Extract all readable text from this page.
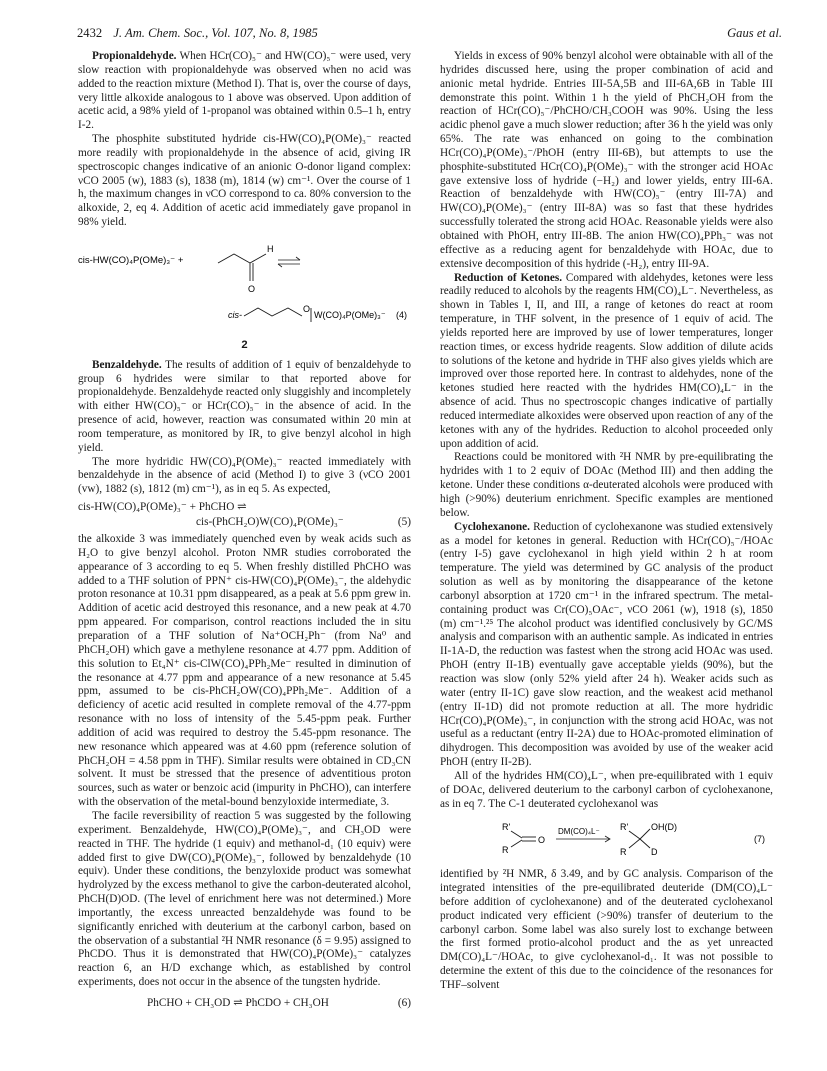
2432 J. Am. Chem. Soc., Vol. 107, No. 8, 1985	Gaus et al.

Propionaldehyde. When HCr(CO)₅⁻ and HW(CO)₅⁻ were used, very slow reaction with propionaldehyde was observed when no acid was added to the reaction mixture (Method I). That is, over the course of days, very little alkoxide analogous to 1 above was observed. Upon addition of acetic acid, a 98% yield of 1-propanol was obtained within 0.5–1 h, entry I-2.

The phosphite substituted hydride cis-HW(CO)₄P(OMe)₃⁻ reacted more readily with propionaldehyde in the absence of acid, giving IR spectroscopic changes indicative of an anionic O-donor ligand complex: νCO 2005 (w), 1883 (s), 1838 (m), 1814 (w) cm⁻¹. Over the course of 1 h, the maximum changes in νCO correspond to ca. 80% conversion to the alkoxide, 2, eq 4. Addition of acetic acid immediately gave propanol in 98% yield.

cis-HW(CO)₄P(OMe)₃⁻ +
H
O
cis-
O
W(CO)₄P(OMe)₃⁻ (4)
2

Benzaldehyde. The results of addition of 1 equiv of benzaldehyde to group 6 hydrides were similar to that reported above for propionaldehyde. Benzaldehyde reacted only sluggishly and incompletely with either HW(CO)₅⁻ or HCr(CO)₅⁻ in the absence of acid. In the presence of acid, however, reaction was consumated within 20 min at room temperature, as monitored by IR, to give benzyl alcohol in high yield.

The more hydridic HW(CO)₄P(OMe)₃⁻ reacted immediately with benzaldehyde in the absence of acid (Method I) to give 3 (νCO 2001 (vw), 1882 (s), 1812 (m) cm⁻¹), as in eq 5. As expected,

cis-HW(CO)₄P(OMe)₃⁻ + PhCHO ⇌
cis-(PhCH₂O)W(CO)₄P(OMe)₃⁻	(5)

the alkoxide 3 was immediately quenched even by weak acids such as H₂O to give benzyl alcohol. Proton NMR studies corroborated the appearance of 3 according to eq 5. When freshly distilled PhCHO was added to a THF solution of PPN⁺ cis-HW(CO)₄P(OMe)₃⁻, the aldehydic proton resonance at 10.31 ppm disappeared, as a peak at 5.6 ppm grew in. Addition of acetic acid destroyed this resonance, and a new peak at 4.70 ppm appeared. For comparison, control reactions included the in situ preparation of a THF solution of Na⁺OCH₂Ph⁻ (from Na⁰ and PhCH₂OH) which gave a methylene resonance at 4.77 ppm. Addition of this solution to Et₄N⁺ cis-ClW(CO)₄PPh₂Me⁻ resulted in diminution of the resonance at 4.77 ppm and appearance of a new resonance at 5.45 ppm, assumed to be cis-PhCH₂OW(CO)₄PPh₂Me⁻. Addition of a deficiency of acetic acid resulted in complete removal of the 4.77-ppm resonance with no loss of intensity of the 5.45-ppm peak. Further addition of acid was required to destroy the 5.45-ppm resonance. The new resonance which appeared was at 4.60 ppm (reference solution of PhCH₂OH = 4.58 ppm in THF). Similar results were obtained in CD₃CN solvent. It must be stressed that the presence of adventitious proton sources, such as water or benzoic acid (impurity in PhCHO), can interfere with the observation of the metal-bound benzyloxide intermediate, 3.

The facile reversibility of reaction 5 was suggested by the following experiment. Benzaldehyde, HW(CO)₄P(OMe)₃⁻, and CH₃OD were reacted in THF. The hydride (1 equiv) and methanol-d₁ (10 equiv) were added first to give DW(CO)₄P(OMe)₃⁻, followed by benzaldehyde (10 equiv). Under these conditions, the benzyloxide product was somewhat hydrolyzed by the excess methanol to give the carbon-deuterated alcohol, PhCH(D)OD. (The level of enrichment here was not determined.) More importantly, the excess unreacted benzaldehyde was found to be significantly enriched with deuterium at the carbonyl carbon, based on the observation of a substantial ²H NMR resonance (δ = 9.95) assigned to PhCDO. Thus it is demonstrated that HW(CO)₄P(OMe)₃⁻ catalyzes reaction 6, an H/D exchange which, as established by control experiments, does not occur in the absence of the tungsten hydride.

PhCHO + CH₃OD ⇌ PhCDO + CH₃OH	(6)

Yields in excess of 90% benzyl alcohol were obtainable with all of the hydrides discussed here, using the proper combination of acid and anionic metal hydride. Entries III-5A,5B and III-6A,6B in Table III demonstrate this point. Within 1 h the yield of PhCH₂OH from the reaction of HCr(CO)₅⁻/PhCHO/CH₃COOH was 90%. Using the less acidic phenol gave a much slower reduction; after 36 h the yield was only 65%. The rate was enhanced on going to the combination HCr(CO)₄P(OMe)₃⁻/PhOH (entry III-6B), but attempts to use the phosphite-substituted HCr(CO)₄P(OMe)₃⁻ with the stronger acid HOAc gave extensive loss of hydride (−H₂) and lower yields, entry III-6A. Reaction of benzaldehyde with HW(CO)₅⁻ (entry III-7A) and HW(CO)₄P(OMe)₃⁻ (entry III-8A) was so fast that these hydrides successfully tolerated the strong acid HOAc. Reasonable yields were also obtained with PhOH, entry III-8B. The anion HW(CO)₄PPh₃⁻ was not effective as a reducing agent for benzaldehyde with HOAc, due to extensive decomposition of this hydride (-H₂), entry III-9A.

Reduction of Ketones. Compared with aldehydes, ketones were less readily reduced to alcohols by the reagents HM(CO)₄L⁻. Nevertheless, as shown in Tables I, II, and III, a range of ketones do react at room temperature, in THF solvent, in the presence of 1 equiv of acid. The yields reported here are improved by use of lower temperatures, longer reaction times, or excess hydride reagents. Slow addition of dilute acids to solutions of the ketone and hydride in THF also gives yields which are improved over those reported here. In contrast to aldehydes, none of the ketones studied here reacted with the hydrides HM(CO)₄L⁻ in the absence of acid. Thus no spectroscopic changes indicative of partially reduced intermediate alkoxides were observed upon reaction of any of the ketones with any of the hydrides. Reduction to alcohol proceeded only upon addition of acid.

Reactions could be monitored with ²H NMR by pre-equilibrating the hydrides with 1 to 2 equiv of DOAc (Method III) and then adding the ketone. Under these conditions α-deuterated alcohols were produced with high (>90%) deuterium enrichment. Specific examples are mentioned below.

Cyclohexanone. Reduction of cyclohexanone was studied extensively as a model for ketones in general. Reduction with HCr(CO)₅⁻/HOAc (entry I-5) gave cyclohexanol in high yield within 2 h at room temperature. The yield was determined by GC analysis of the product solution as well as by monitoring the disappearance of the ketone carbonyl absorption at 1720 cm⁻¹ in the infrared spectrum. The metal-containing product was Cr(CO)₅OAc⁻, νCO 2061 (w), 1918 (s), 1850 (m) cm⁻¹.²⁵ The alcohol product was identified conclusively by GC/MS analysis and comparison with an authentic sample. As indicated in entries II-1A-D, the reduction was fastest when the strong acid HOAc was used. PhOH (entry II-1B) eventually gave acceptable yields (90%), but the reaction was slow (only 52% yield after 24 h). Weaker acids such as water (entry II-1C) gave slow reaction, and the weakest acid methanol (entry II-1D) did not promote reduction at all. The more hydridic HCr(CO)₄P(OMe)₃⁻, in conjunction with the strong acid HOAc, was not useful as a reductant (entry II-2A) due to HOAc-promoted elimination of dihydrogen. This decomposition was avoided by use of the weaker acid PhOH (entry II-2B).

All of the hydrides HM(CO)₄L⁻, when pre-equilibrated with 1 equiv of DOAc, delivered deuterium to the carbonyl carbon of cyclohexanone, as in eq 7. The C-1 deuterated cyclohexanol was

R'
R
O
DM(CO)₄L⁻ R'
R
OH(D)
D
(7)

identified by ²H NMR, δ 3.49, and by GC analysis. Comparison of the integrated intensities of the pre-equilibrated deuteride (DM(CO)₄L⁻ before addition of cyclohexanone) and of the deuterated cyclohexanol product indicated very efficient (>90%) transfer of deuterium to the carbonyl carbon. Some label was also surely lost to exchange between the first formed protio-alcohol product and the as yet unreacted DM(CO)₄L⁻/HOAc, to give cyclohexanol-d₁. It was not possible to determine the extent of this due to the coincidence of the resonances for THF–solvent
